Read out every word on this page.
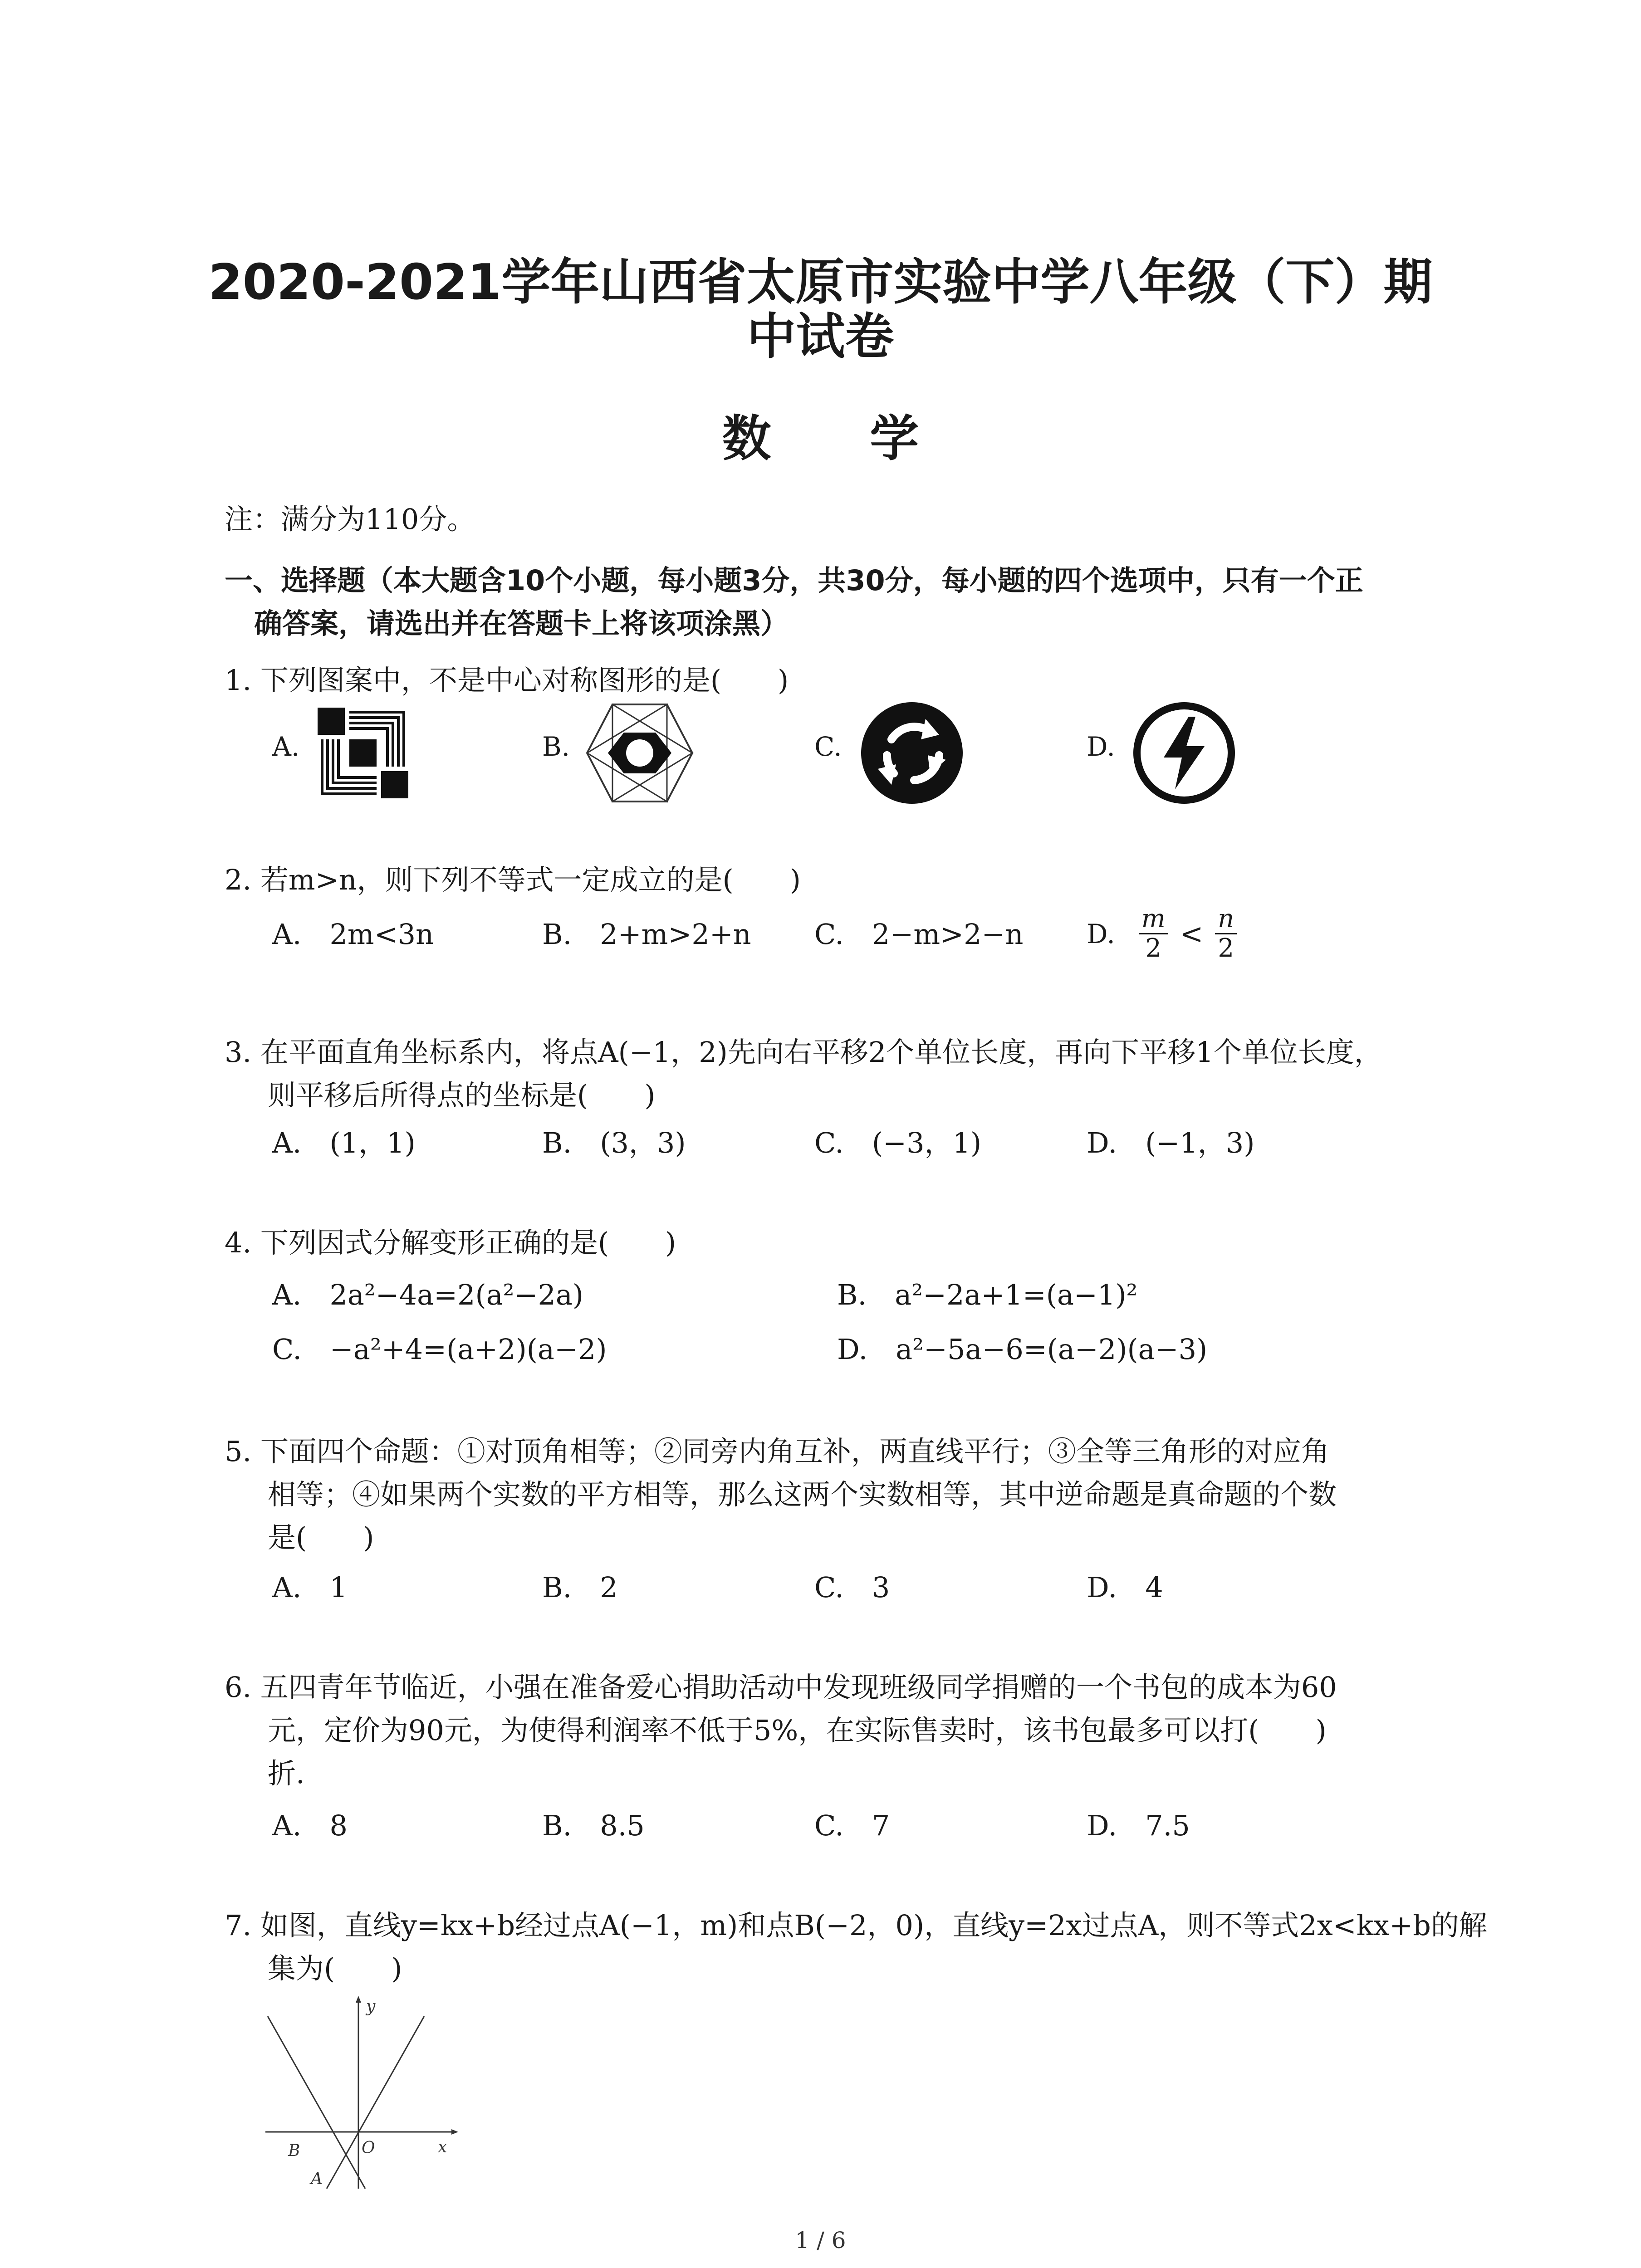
2020-2021学年山西省太原市实验中学八年级（下）期
中试卷
数 学
注：满分为110分。
一、选择题（本大题含10个小题，每小题3分，共30分，每小题的四个选项中，只有一个正
确答案，请选出并在答题卡上将该项涂黑）
1. 下列图案中，不是中心对称图形的是(　　)
A.	B.	C.	D.
2. 若m>n，则下列不等式一定成立的是(　　)
A.　2m<3n	B.　2+m>2+n C.　2−m>2−n D. $\frac{m}{2} < \frac{n}{2}$
3. 在平面直角坐标系内，将点A(−1，2)先向右平移2个单位长度，再向下平移1个单位长度，
则平移后所得点的坐标是(　　)
A.　(1，1)	B.　(3，3)	C.　(−3，1)	D.　(−1，3)
4. 下列因式分解变形正确的是(　　)
A.　2a²−4a=2(a²−2a)	B.　a²−2a+1=(a−1)²
C.　−a²+4=(a+2)(a−2)	D.　a²−5a−6=(a−2)(a−3)
5. 下面四个命题：①对顶角相等；②同旁内角互补，两直线平行；③全等三角形的对应角
相等；④如果两个实数的平方相等，那么这两个实数相等，其中逆命题是真命题的个数
是(　　)
A.　1	B.　2	C.　3	D.　4
6. 五四青年节临近，小强在准备爱心捐助活动中发现班级同学捐赠的一个书包的成本为60
元，定价为90元，为使得利润率不低于5%，在实际售卖时，该书包最多可以打(　　)
折.
A.　8	B.　8.5	C.　7	D.　7.5
7. 如图，直线y=kx+b经过点A(−1，m)和点B(−2，0)，直线y=2x过点A，则不等式2x<kx+b的解
集为(　　)
y
x
O
B
A
1 / 6
